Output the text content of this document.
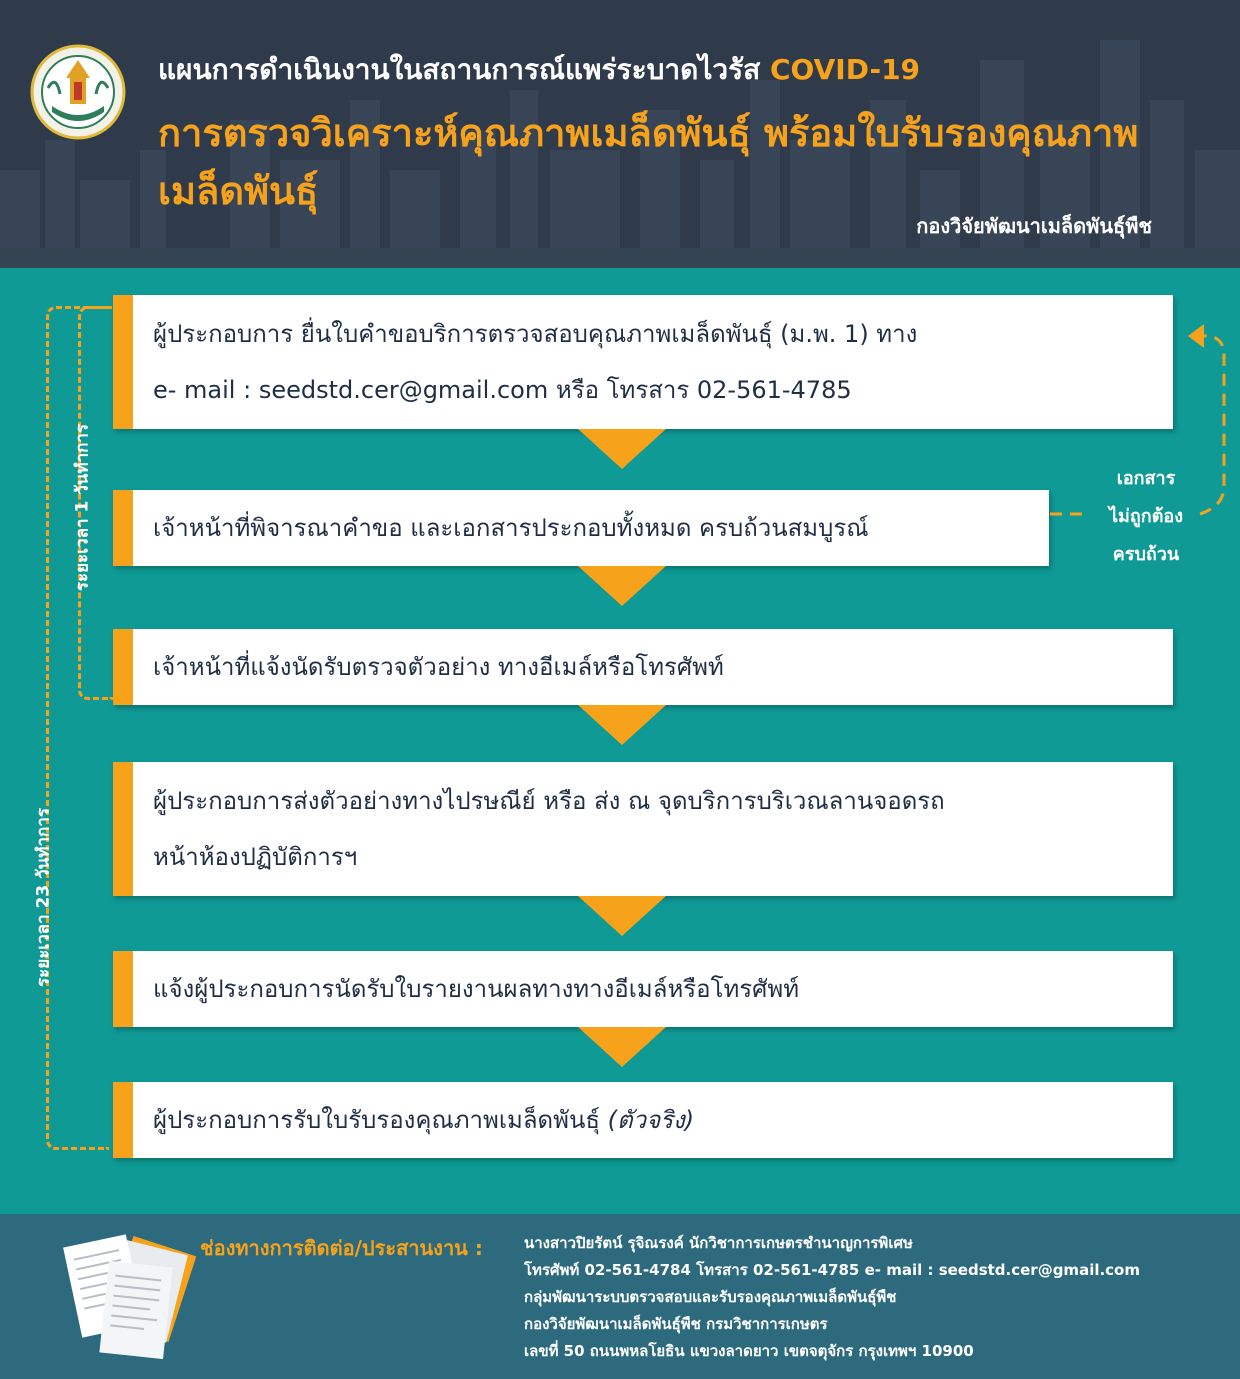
แผนการดำเนินงานในสถานการณ์แพร่ระบาดไวรัส COVID-19
การตรวจวิเคราะห์คุณภาพเมล็ดพันธุ์ พร้อมใบรับรองคุณภาพเมล็ดพันธุ์
กองวิจัยพัฒนาเมล็ดพันธุ์พืช
ระยะเวลา 1 วันทำการ
ระยะเวลา 23 วันทำการ
ผู้ประกอบการ ยื่นใบคำขอบริการตรวจสอบคุณภาพเมล็ดพันธุ์ (ม.พ. 1) ทาง
e- mail : seedstd.cer@gmail.com หรือ โทรสาร 02-561-4785
เจ้าหน้าที่พิจารณาคำขอ และเอกสารประกอบทั้งหมด ครบถ้วนสมบูรณ์
เจ้าหน้าที่แจ้งนัดรับตรวจตัวอย่าง ทางอีเมล์หรือโทรศัพท์
ผู้ประกอบการส่งตัวอย่างทางไปรษณีย์ หรือ ส่ง ณ จุดบริการบริเวณลานจอดรถ
หน้าห้องปฏิบัติการฯ
แจ้งผู้ประกอบการนัดรับใบรายงานผลทางทางอีเมล์หรือโทรศัพท์
ผู้ประกอบการรับใบรับรองคุณภาพเมล็ดพันธุ์ (ตัวจริง)
เอกสาร
ไม่ถูกต้อง
ครบถ้วน
ช่องทางการติดต่อ/ประสานงาน :	นางสาวปิยรัตน์ รุจิณรงค์ นักวิชาการเกษตรชำนาญการพิเศษ
โทรศัพท์ 02-561-4784 โทรสาร 02-561-4785 e- mail : seedstd.cer@gmail.com
กลุ่มพัฒนาระบบตรวจสอบและรับรองคุณภาพเมล็ดพันธุ์พืช
กองวิจัยพัฒนาเมล็ดพันธุ์พืช กรมวิชาการเกษตร
เลขที่ 50 ถนนพหลโยธิน แขวงลาดยาว เขตจตุจักร กรุงเทพฯ 10900
